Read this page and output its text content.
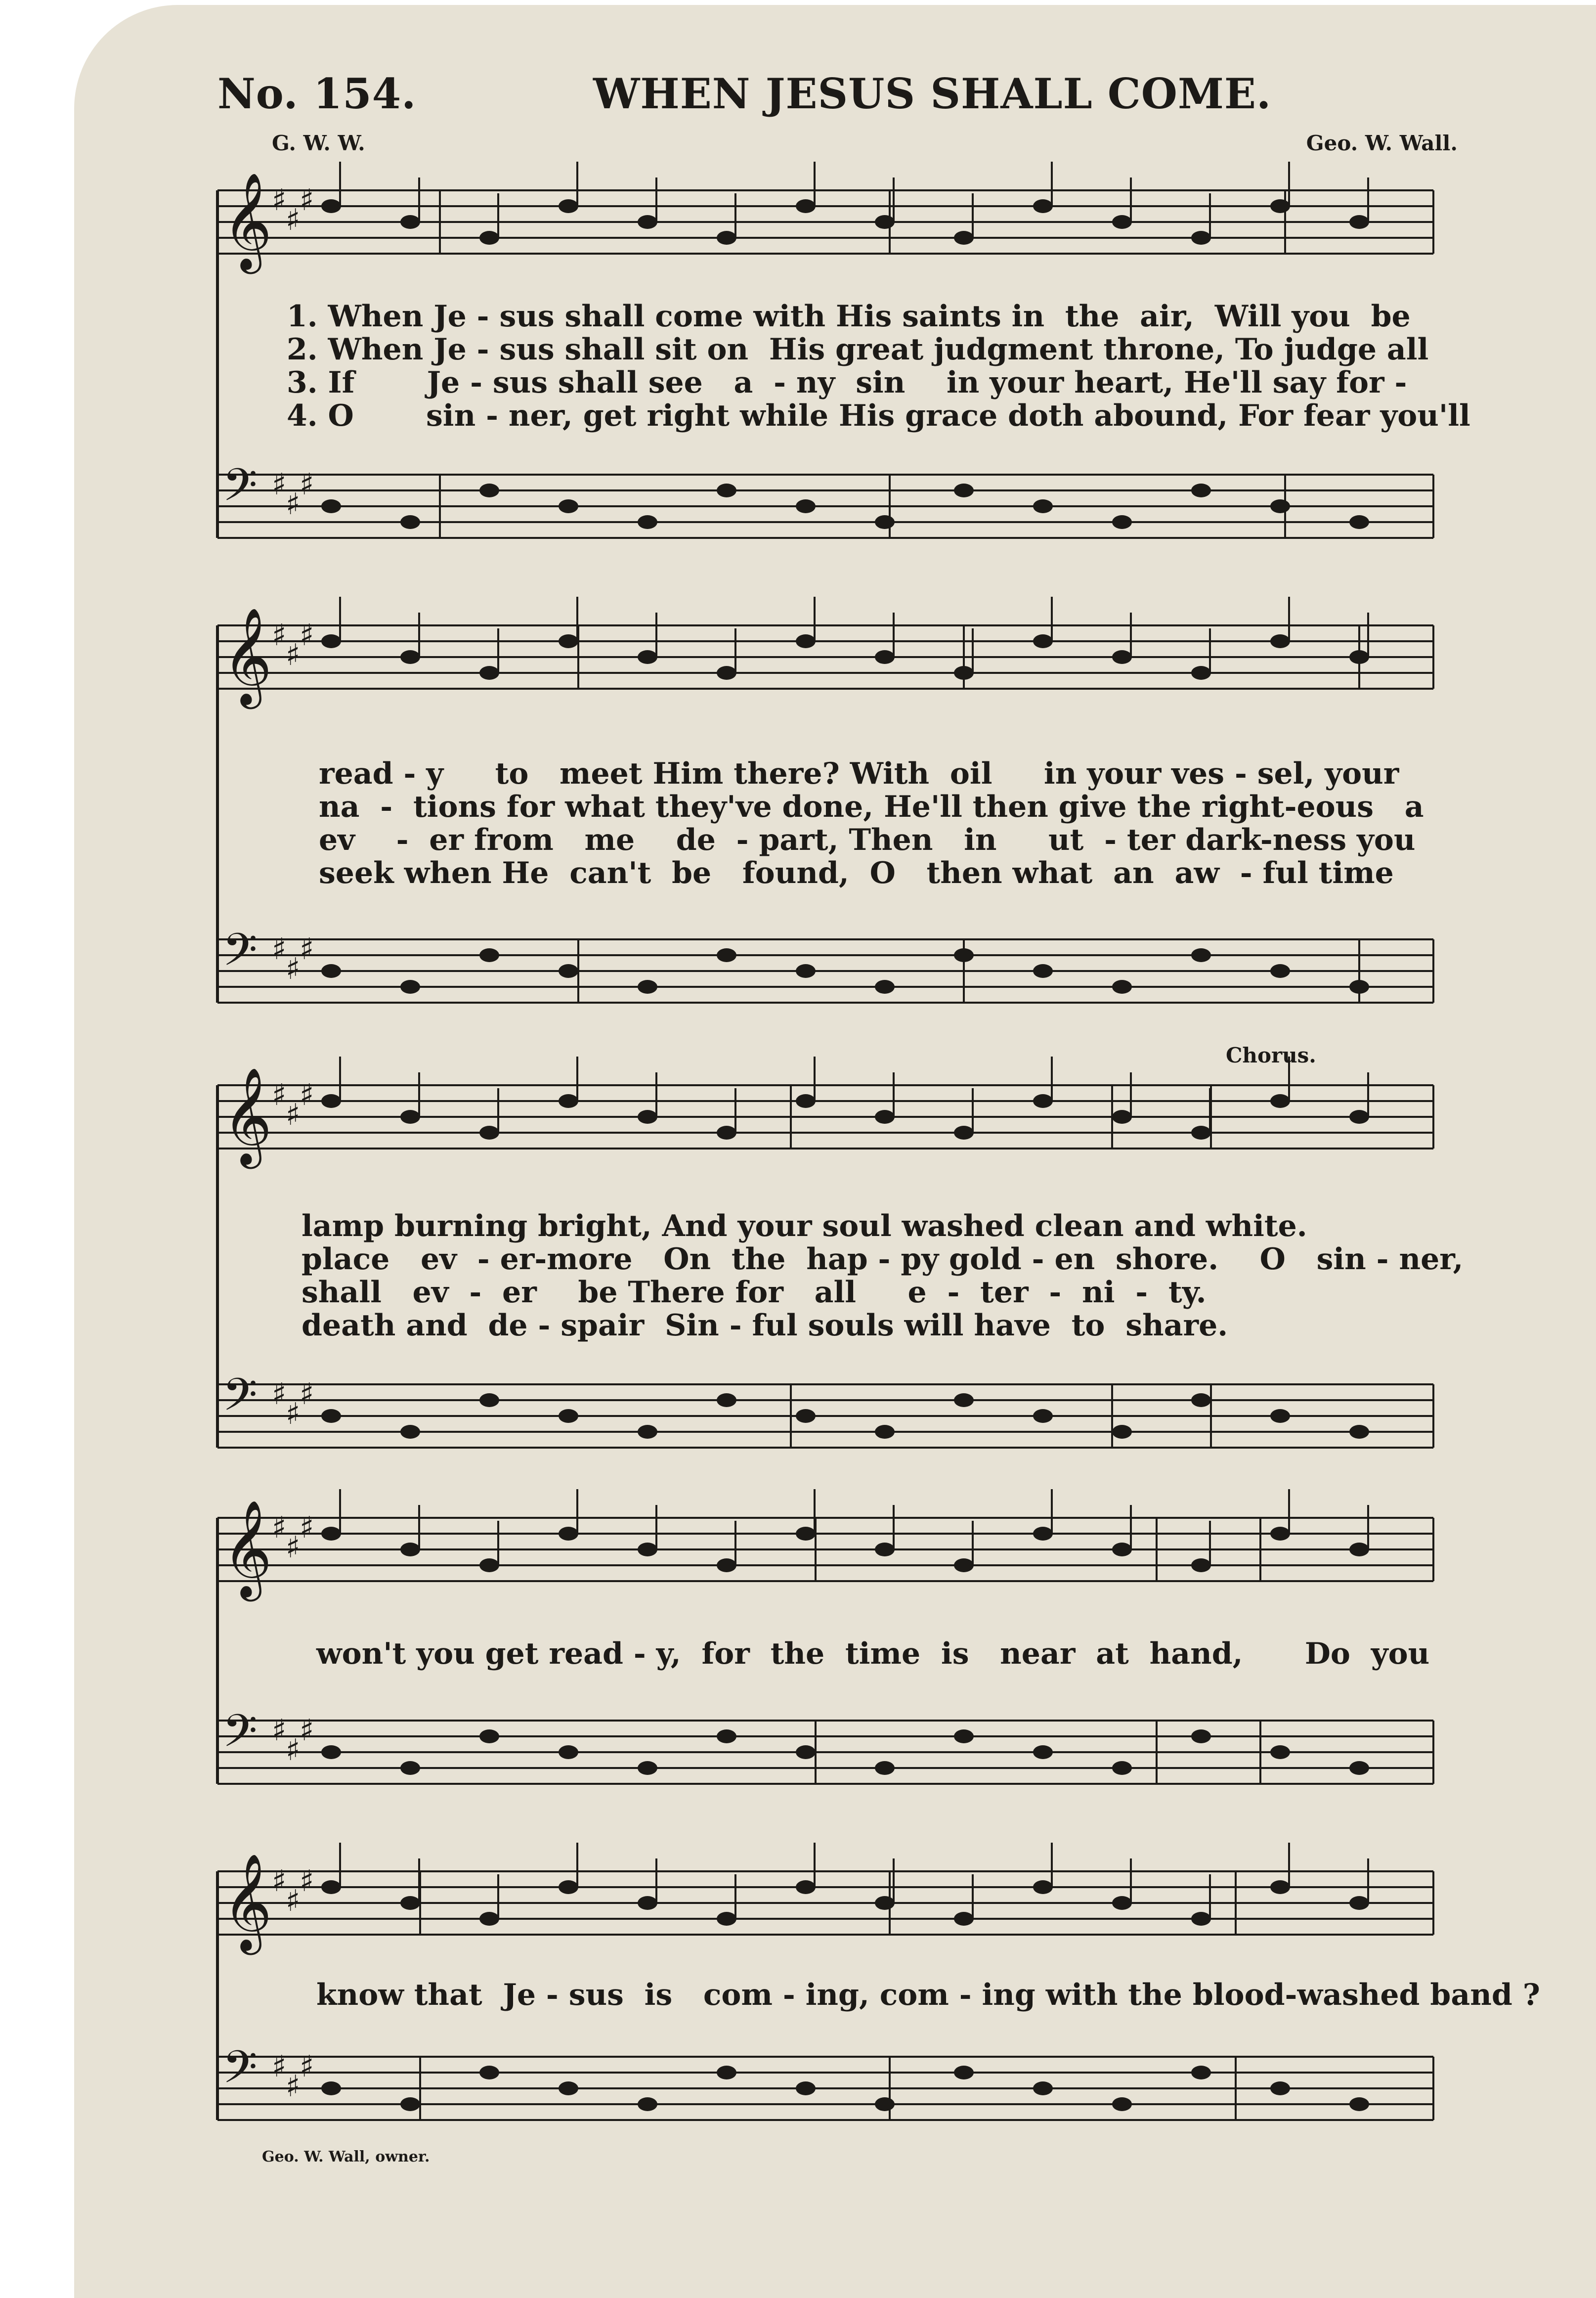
No. 154.	WHEN JESUS SHALL COME.
G. W. W.	Geo. W. Wall.
Chorus.
Geo. W. Wall, owner.
1. When Je - sus shall come with His saints in  the  air,  Will you  be
2. When Je - sus shall sit on  His great judgment throne, To judge all
3. If       Je - sus shall see   a  - ny  sin    in your heart, He'll say for -
4. O       sin - ner, get right while His grace doth abound, For fear you'll
read - y     to   meet Him there? With  oil     in your ves - sel, your
na  -  tions for what they've done, He'll then give the right-eous   a
ev    -  er from   me    de  - part, Then   in     ut  - ter dark-ness you
seek when He  can't  be   found,  O   then what  an  aw  - ful time
lamp burning bright, And your soul washed clean and white.
place   ev  - er-more   On  the  hap - py gold - en  shore.    O   sin - ner,
shall   ev  -  er    be There for   all     e  -  ter  -  ni  -  ty.
death and  de - spair  Sin - ful souls will have  to  share.
won't you get read - y,  for  the  time  is   near  at  hand,      Do  you
know that  Je - sus  is   com - ing, com - ing with the blood-washed band ?
𝄞 ♯
♯
♯
𝄢 ♯
♯
♯
𝄞 ♯
♯
♯
𝄢 ♯
♯
♯
𝄞 ♯
♯
♯
𝄢 ♯
♯
♯
𝄞 ♯
♯
♯
𝄢 ♯
♯
♯
𝄞 ♯
♯
♯
𝄢 ♯
♯
♯
